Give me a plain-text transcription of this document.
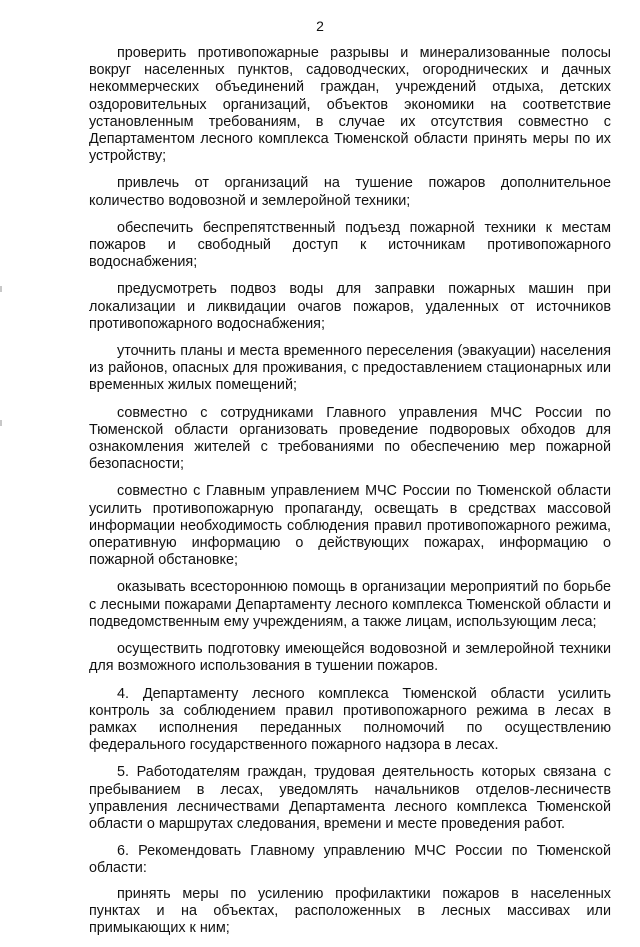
2

проверить противопожарные разрывы и минерализованные полосы вокруг населенных пунктов, садоводческих, огороднических и дачных некоммерческих объединений граждан, учреждений отдыха, детских оздоровительных организаций, объектов экономики на соответствие установленным требованиям, в случае их отсутствия совместно с Департаментом лесного комплекса Тюменской области принять меры по их устройству;

привлечь от организаций на тушение пожаров дополнительное количество водовозной и землеройной техники;

обеспечить беспрепятственный подъезд пожарной техники к местам пожаров и свободный доступ к источникам противопожарного водоснабжения;

предусмотреть подвоз воды для заправки пожарных машин при локализации и ликвидации очагов пожаров, удаленных от источников противопожарного водоснабжения;

уточнить планы и места временного переселения (эвакуации) населения из районов, опасных для проживания, с предоставлением стационарных или временных жилых помещений;

совместно с сотрудниками Главного управления МЧС России по Тюменской области организовать проведение подворовых обходов для ознакомления жителей с требованиями по обеспечению мер пожарной безопасности;

совместно с Главным управлением МЧС России по Тюменской области усилить противопожарную пропаганду, освещать в средствах массовой информации необходимость соблюдения правил противопожарного режима, оперативную информацию о действующих пожарах, информацию о пожарной обстановке;

оказывать всестороннюю помощь в организации мероприятий по борьбе с лесными пожарами Департаменту лесного комплекса Тюменской области и подведомственным ему учреждениям, а также лицам, использующим леса;

осуществить подготовку имеющейся водовозной и землеройной техники для возможного использования в тушении пожаров.

4. Департаменту лесного комплекса Тюменской области усилить контроль за соблюдением правил противопожарного режима в лесах в рамках исполнения переданных полномочий по осуществлению федерального государственного пожарного надзора в лесах.

5. Работодателям граждан, трудовая деятельность которых связана с пребыванием в лесах, уведомлять начальников отделов-лесничеств управления лесничествами Департамента лесного комплекса Тюменской области о маршрутах следования, времени и месте проведения работ.

6. Рекомендовать Главному управлению МЧС России по Тюменской области:

принять меры по усилению профилактики пожаров в населенных пунктах и на объектах, расположенных в лесных массивах или примыкающих к ним;
